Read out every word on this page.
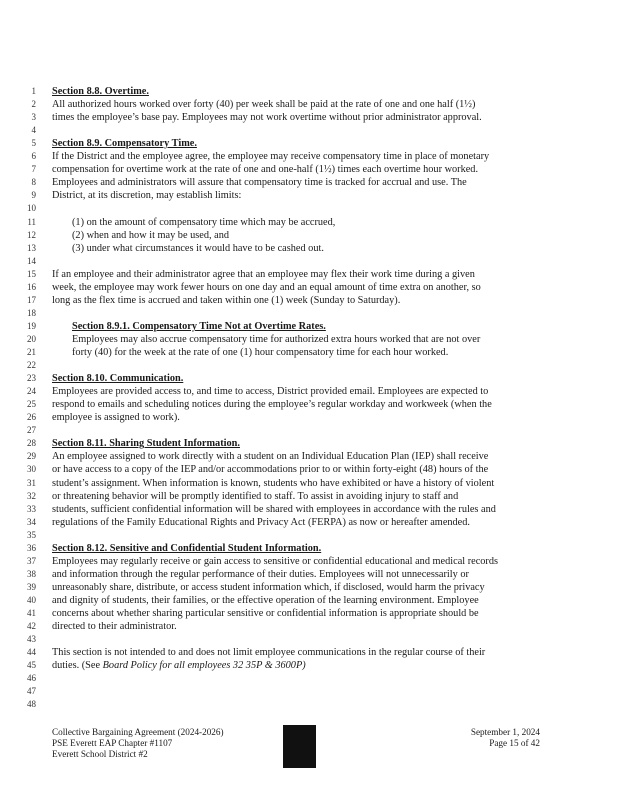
1 Section 8.8. Overtime.
2 All authorized hours worked over forty (40) per week shall be paid at the rate of one and one half (1½)
3 times the employee’s base pay. Employees may not work overtime without prior administrator approval.
4
5 Section 8.9. Compensatory Time.
6 If the District and the employee agree, the employee may receive compensatory time in place of monetary
7 compensation for overtime work at the rate of one and one-half (1½) times each overtime hour worked.
8 Employees and administrators will assure that compensatory time is tracked for accrual and use. The
9 District, at its discretion, may establish limits:
10
11	(1) on the amount of compensatory time which may be accrued,
12	(2) when and how it may be used, and
13	(3) under what circumstances it would have to be cashed out.
14
15 If an employee and their administrator agree that an employee may flex their work time during a given
16 week, the employee may work fewer hours on one day and an equal amount of time extra on another, so
17 long as the flex time is accrued and taken within one (1) week (Sunday to Saturday).
18
19	Section 8.9.1. Compensatory Time Not at Overtime Rates.
20	Employees may also accrue compensatory time for authorized extra hours worked that are not over
21	forty (40) for the week at the rate of one (1) hour compensatory time for each hour worked.
22
23 Section 8.10. Communication.
24 Employees are provided access to, and time to access, District provided email. Employees are expected to
25 respond to emails and scheduling notices during the employee’s regular workday and workweek (when the
26 employee is assigned to work).
27
28 Section 8.11. Sharing Student Information.
29 An employee assigned to work directly with a student on an Individual Education Plan (IEP) shall receive
30 or have access to a copy of the IEP and/or accommodations prior to or within forty-eight (48) hours of the
31 student’s assignment. When information is known, students who have exhibited or have a history of violent
32 or threatening behavior will be promptly identified to staff. To assist in avoiding injury to staff and
33 students, sufficient confidential information will be shared with employees in accordance with the rules and
34 regulations of the Family Educational Rights and Privacy Act (FERPA) as now or hereafter amended.
35
36 Section 8.12. Sensitive and Confidential Student Information.
37 Employees may regularly receive or gain access to sensitive or confidential educational and medical records
38 and information through the regular performance of their duties. Employees will not unnecessarily or
39 unreasonably share, distribute, or access student information which, if disclosed, would harm the privacy
40 and dignity of students, their families, or the effective operation of the learning environment. Employee
41 concerns about whether sharing particular sensitive or confidential information is appropriate should be
42 directed to their administrator.
43
44 This section is not intended to and does not limit employee communications in the regular course of their
45 duties. (See Board Policy for all employees 32 35P & 3600P)
46
47
48
Collective Bargaining Agreement (2024-2026)	September 1, 2024
PSE Everett EAP Chapter #1107	Page 15 of 42
Everett School District #2
